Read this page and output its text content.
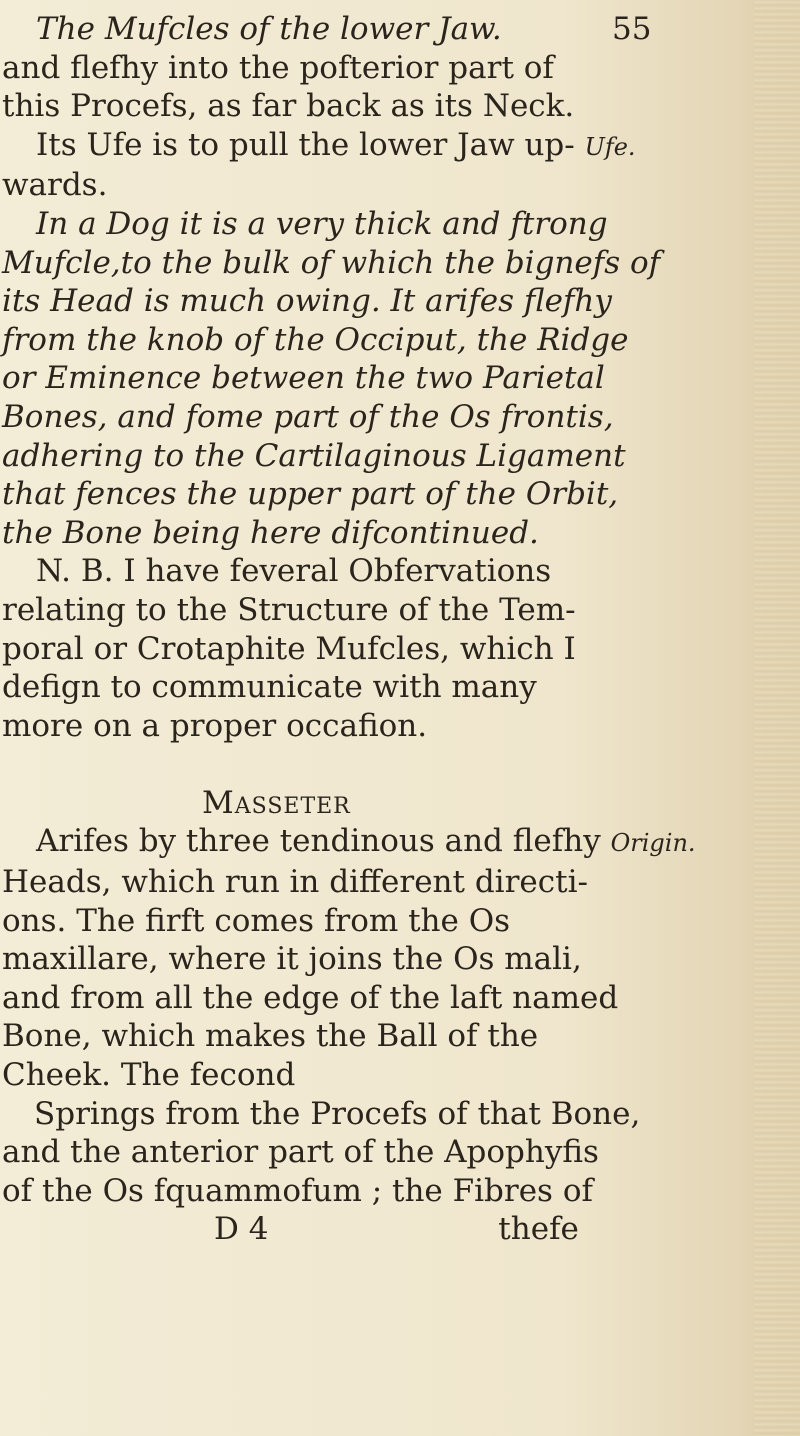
The Mufcles of the lower Jaw.	55
and flefhy into the pofterior part of
this Procefs, as far back as its Neck.
Its Ufe is to pull the lower Jaw up- Ufe.
wards.
In a Dog it is a very thick and ftrong
Mufcle,to the bulk of which the bignefs of
its Head is much owing. It arifes flefhy
from the knob of the Occiput, the Ridge
or Eminence between the two Parietal
Bones, and fome part of the Os frontis,
adhering to the Cartilaginous Ligament
that fences the upper part of the Orbit,
the Bone being here difcontinued.
N. B. I have feveral Obfervations
relating to the Structure of the Tem-
poral or Crotaphite Mufcles, which I
defign to communicate with many
more on a proper occafion.

Masseter
Arifes by three tendinous and flefhy Origin.
Heads, which run in different directi-
ons. The firft comes from the Os
maxillare, where it joins the Os mali,
and from all the edge of the laft named
Bone, which makes the Ball of the
Cheek. The fecond
Springs from the Procefs of that Bone,
and the anterior part of the Apophyfis
of the Os fquammofum ; the Fibres of
D 4	thefe
